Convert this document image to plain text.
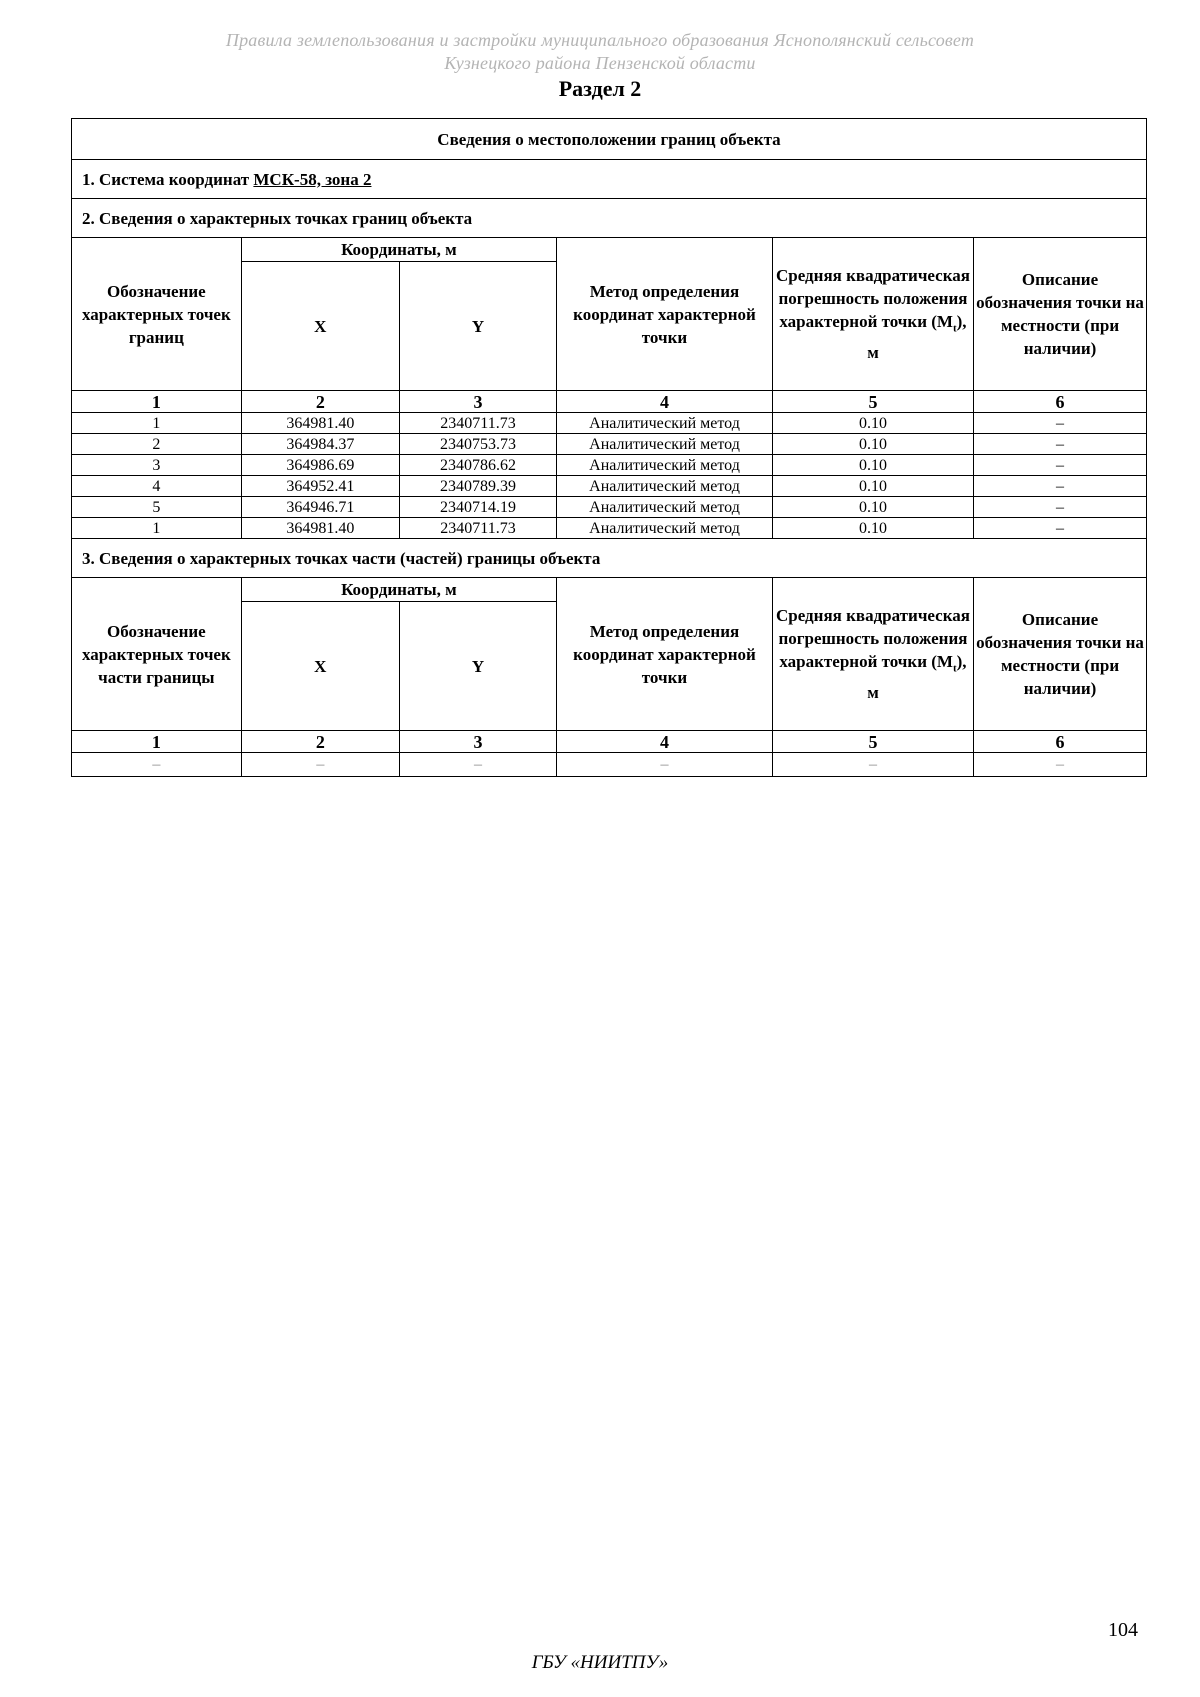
Правила землепользования и застройки муниципального образования Яснополянский сельсовет
Кузнецкого района Пензенской области
Раздел 2
Сведения о местоположении границ объекта					
1. Система координат МСК-58, зона 2					
2. Сведения о характерных точках границ объекта					
Обозначение характерных точек границ	Координаты, м		Метод определения координат характерной точки	Средняя квадратическая погрешность положения характерной точки $(M_t)$, м	Описание обозначения точки на местности (при наличии)
	X	Y			
1	2	3	4	5	6
1	364981.40	2340711.73	Аналитический метод	0.10	–
2	364984.37	2340753.73	Аналитический метод	0.10	–
3	364986.69	2340786.62	Аналитический метод	0.10	–
4	364952.41	2340789.39	Аналитический метод	0.10	–
5	364946.71	2340714.19	Аналитический метод	0.10	–
1	364981.40	2340711.73	Аналитический метод	0.10	–
3. Сведения о характерных точках части (частей) границы объекта					
Обозначение характерных точек части границы	Координаты, м		Метод определения координат характерной точки	Средняя квадратическая погрешность положения характерной точки $(M_t)$, м	Описание обозначения точки на местности (при наличии)
	X	Y			
1	2	3	4	5	6
–	–	–	–	–	–
104
ГБУ «НИИТПУ»
